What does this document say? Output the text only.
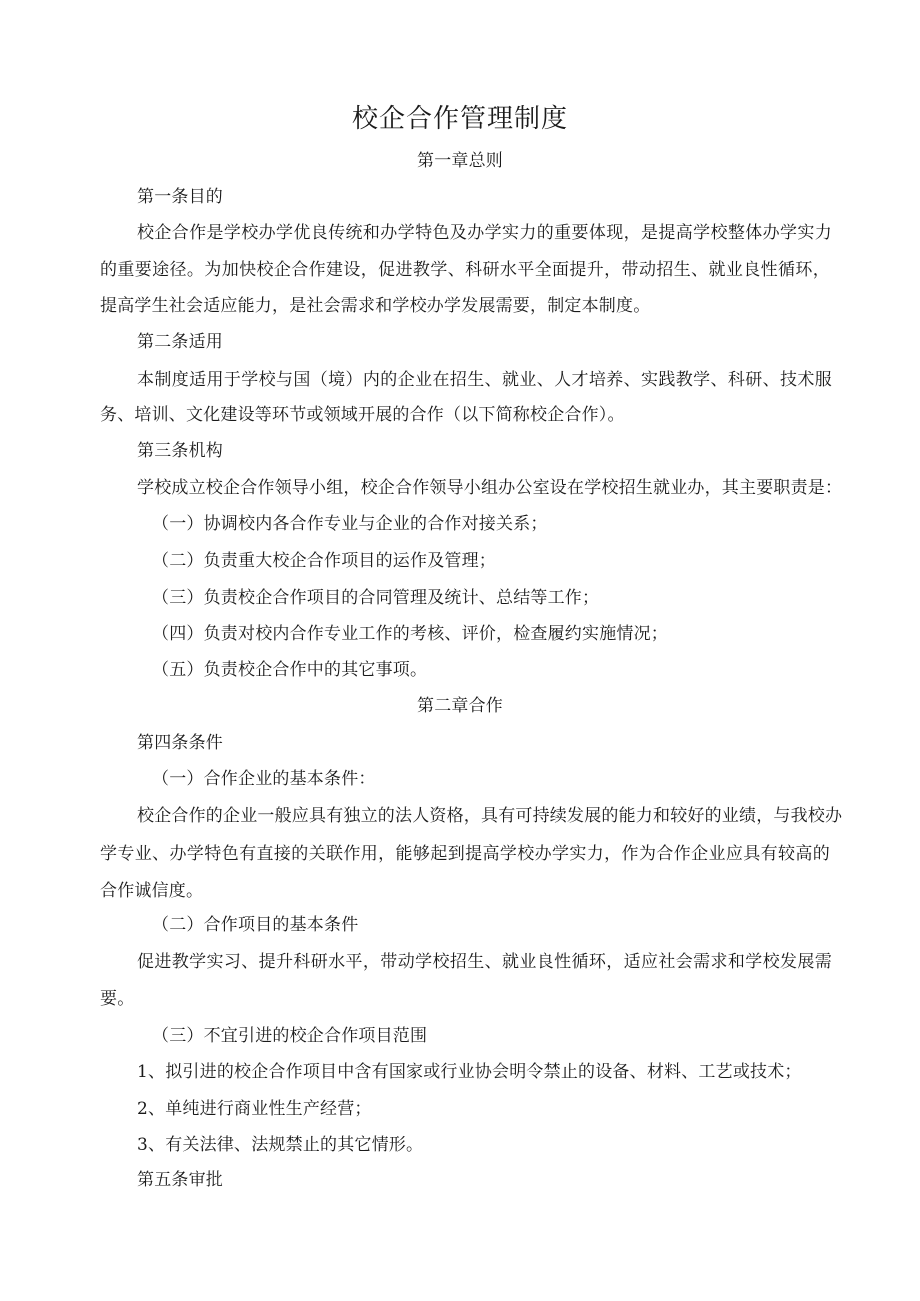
校企合作管理制度
第一章总则
第一条目的
校企合作是学校办学优良传统和办学特色及办学实力的重要体现，是提高学校整体办学实力
的重要途径。为加快校企合作建设，促进教学、科研水平全面提升，带动招生、就业良性循环，
提高学生社会适应能力，是社会需求和学校办学发展需要，制定本制度。
第二条适用
本制度适用于学校与国（境）内的企业在招生、就业、人才培养、实践教学、科研、技术服
务、培训、文化建设等环节或领域开展的合作（以下简称校企合作）。
第三条机构
学校成立校企合作领导小组，校企合作领导小组办公室设在学校招生就业办，其主要职责是：
（一）协调校内各合作专业与企业的合作对接关系；
（二）负责重大校企合作项目的运作及管理；
（三）负责校企合作项目的合同管理及统计、总结等工作；
（四）负责对校内合作专业工作的考核、评价，检查履约实施情况；
（五）负责校企合作中的其它事项。
第二章合作
第四条条件
（一）合作企业的基本条件：
校企合作的企业一般应具有独立的法人资格，具有可持续发展的能力和较好的业绩，与我校办
学专业、办学特色有直接的关联作用，能够起到提高学校办学实力，作为合作企业应具有较高的
合作诚信度。
（二）合作项目的基本条件
促进教学实习、提升科研水平，带动学校招生、就业良性循环，适应社会需求和学校发展需
要。
（三）不宜引进的校企合作项目范围
1、拟引进的校企合作项目中含有国家或行业协会明令禁止的设备、材料、工艺或技术；
2、单纯进行商业性生产经营；
3、有关法律、法规禁止的其它情形。
第五条审批
